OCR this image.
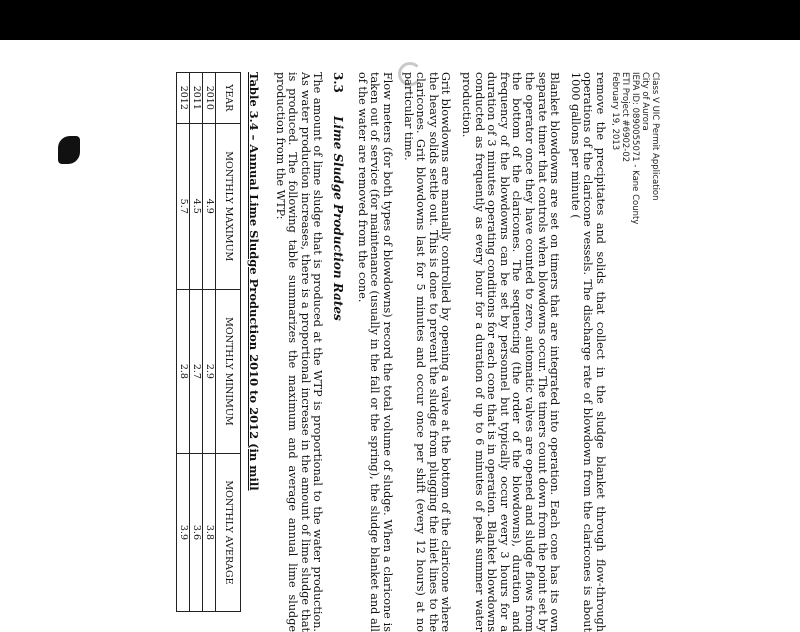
Class V UIC Permit Application
City of Aurora
IEPA ID: 0890055071 - Kane County
ETI Project #6902-02
February 19, 2013
remove the precipitates and solids that collect in the sludge blanket through flow-through operations of the claricone vessels. The discharge rate of blowdown from the claricones is about 1000 gallons per minute (
Blanket blowdowns are set on timers that are integrated into operation. Each cone has its own separate timer that controls when blowdowns occur. The timers count down from the point set by the operator once they have counted to zero, automatic valves are opened and sludge flows from the bottom of the claricones. The sequencing (the order of the blowdowns), duration and frequency of the blowdowns can be set by personnel but typically occur every 3 hours for a duration of 3 minutes operating conditions for each cone that is in operation. Blanket blowdowns conducted as frequently as every hour for a duration of up to 6 minutes of peak summer water production.
Grit blowdowns are manually controlled by opening a valve at the bottom of the claricone where the heavy solids settle out. This is done to prevent the sludge from plugging the inlet lines to the claricones. Grit blowdowns last for 5 minutes and occur once per shift (every 12 hours) at no particular time.
Flow meters (for both types of blowdowns) record the total volume of sludge. When a claricone is taken out of service (for maintenance (usually in the fall or the spring), the sludge blanket and all of the water are removed from the cone.
3.3Lime Sludge Production Rates
The amount of lime sludge that is produced at the WTP is proportional to the water production. As water production increases, there is a proportional increase in the amount of lime sludge that is produced. The following table summarizes the maximum and average annual lime sludge production from the WTP:
Table 3.4 – Annual Lime Sludge Production 2010 to 2012 (in mill
YEAR	MONTHLY MAXIMUM	MONTHLY MINIMUM	MONTHLY AVERAGE
2010	4.9	2.9	3.8
2011	4.5	2.7	3.6
2012	5.7	2.8	3.9
